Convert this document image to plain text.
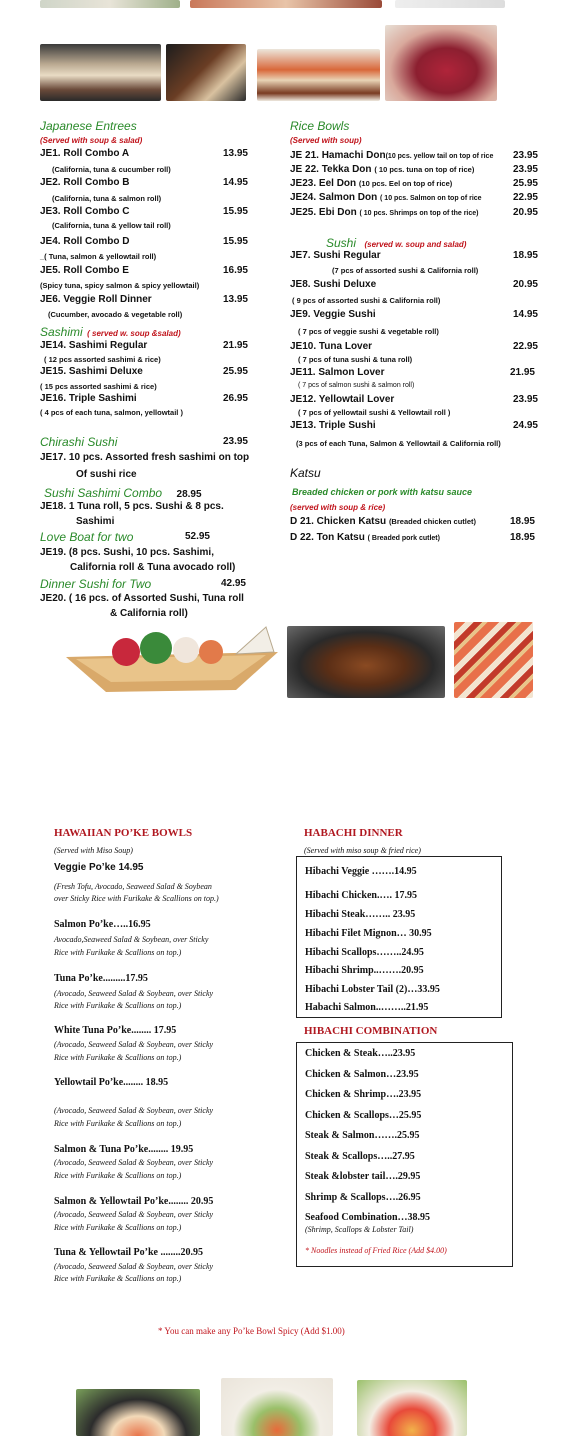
Japanese Entrees
(Served with soup & salad)
JE1. Roll Combo A	13.95
(California, tuna & cucumber roll)
JE2. Roll Combo B	14.95
(California, tuna & salmon roll)
JE3. Roll Combo C	15.95
(California, tuna & yellow tail roll)
JE4. Roll Combo D	15.95
_( Tuna, salmon & yellowtail roll)
JE5. Roll Combo E	16.95
(Spicy tuna, spicy salmon & spicy yellowtail)
JE6. Veggie Roll Dinner	13.95
(Cucumber, avocado & vegetable roll)
Sashimi ( served w. soup &salad)
JE14. Sashimi Regular	21.95
( 12 pcs assorted sashimi & rice)
JE15. Sashimi Deluxe	25.95
( 15 pcs assorted sashimi & rice)
JE16. Triple Sashimi	26.95
( 4 pcs of each tuna, salmon, yellowtail )
Chirashi Sushi	23.95
JE17. 10 pcs. Assorted fresh sashimi on top
Of sushi rice
Sushi Sashimi Combo 28.95
JE18. 1 Tuna roll, 5 pcs. Sushi & 8 pcs.
Sashimi
Love Boat for two	52.95
JE19. (8 pcs. Sushi, 10 pcs. Sashimi,
California roll & Tuna avocado roll)
Dinner Sushi for Two	42.95
JE20. ( 16 pcs. of Assorted Sushi, Tuna roll
& California roll)
Rice Bowls
(Served with soup)
JE 21. Hamachi Don(10 pcs. yellow tail on top of rice	23.95
JE 22. Tekka Don ( 10 pcs. tuna on top of rice)	23.95
JE23. Eel Don (10 pcs. Eel on top of rice)	25.95
JE24. Salmon Don ( 10 pcs. Salmon on top of rice	22.95
JE25. Ebi Don ( 10 pcs. Shrimps on top of the rice)	20.95
Sushi (served w. soup and salad)
JE7. Sushi Regular	18.95
(7 pcs of assorted sushi & California roll)
JE8. Sushi Deluxe	20.95
( 9 pcs of assorted sushi & California roll)
JE9. Veggie Sushi	14.95
( 7 pcs of veggie sushi & vegetable roll)
JE10. Tuna Lover	22.95
( 7 pcs of tuna sushi & tuna roll)
JE11. Salmon Lover	21.95
( 7 pcs of salmon sushi & salmon roll)
JE12. Yellowtail Lover	23.95
( 7 pcs of yellowtail sushi & Yellowtail roll )
JE13. Triple Sushi	24.95
(3 pcs of each Tuna, Salmon & Yellowtail & California roll)
Katsu
Breaded chicken or pork with katsu sauce
(served with soup & rice)
D 21. Chicken Katsu (Breaded chicken cutlet)	18.95
D 22. Ton Katsu ( Breaded pork cutlet)	18.95
HAWAIIAN PO’KE BOWLS
(Served with Miso Soup)
Veggie Po’ke 14.95
(Fresh Tofu, Avocado, Seaweed Salad & Soybean
over Sticky Rice with Furikake & Scallions on top.)
Salmon Po’ke…..16.95
Avocado,Seaweed Salad & Soybean, over Sticky
Rice with Furikake & Scallions on top.)
Tuna Po’ke.........17.95
(Avocado, Seaweed Salad & Soybean, over Sticky
Rice with Furikake & Scallions on top.)
White Tuna Po’ke........ 17.95
(Avocado, Seaweed Salad & Soybean, over Sticky
Rice with Furikake & Scallions on top.)
Yellowtail Po’ke........ 18.95
(Avocado, Seaweed Salad & Soybean, over Sticky
Rice with Furikake & Scallions on top.)
Salmon & Tuna Po’ke........ 19.95
(Avocado, Seaweed Salad & Soybean, over Sticky
Rice with Furikake & Scallions on top.)
Salmon & Yellowtail Po’ke........ 20.95
(Avocado, Seaweed Salad & Soybean, over Sticky
Rice with Furikake & Scallions on top.)
Tuna & Yellowtail Po’ke ........20.95
(Avocado, Seaweed Salad & Soybean, over Sticky
Rice with Furikake & Scallions on top.)
* You can make any Po’ke Bowl Spicy (Add $1.00)
HABACHI DINNER
(Served with miso soup & fried rice)
Hibachi Veggie …….14.95
Hibachi Chicken.…. 17.95
Hibachi Steak…….. 23.95
Hibachi Filet Mignon… 30.95
Hibachi Scallops……..24.95
Hibachi Shrimp..…….20.95
Hibachi Lobster Tail (2)…33.95
Habachi Salmon..……..21.95
HIBACHI COMBINATION
Chicken & Steak…..23.95
Chicken & Salmon…23.95
Chicken & Shrimp….23.95
Chicken & Scallops…25.95
Steak & Salmon…….25.95
Steak & Scallops…..27.95
Steak &lobster tail….29.95
Shrimp & Scallops….26.95
Seafood Combination…38.95
(Shrimp, Scallops & Lobster Tail)
* Noodles instead of Fried Rice (Add $4.00)
